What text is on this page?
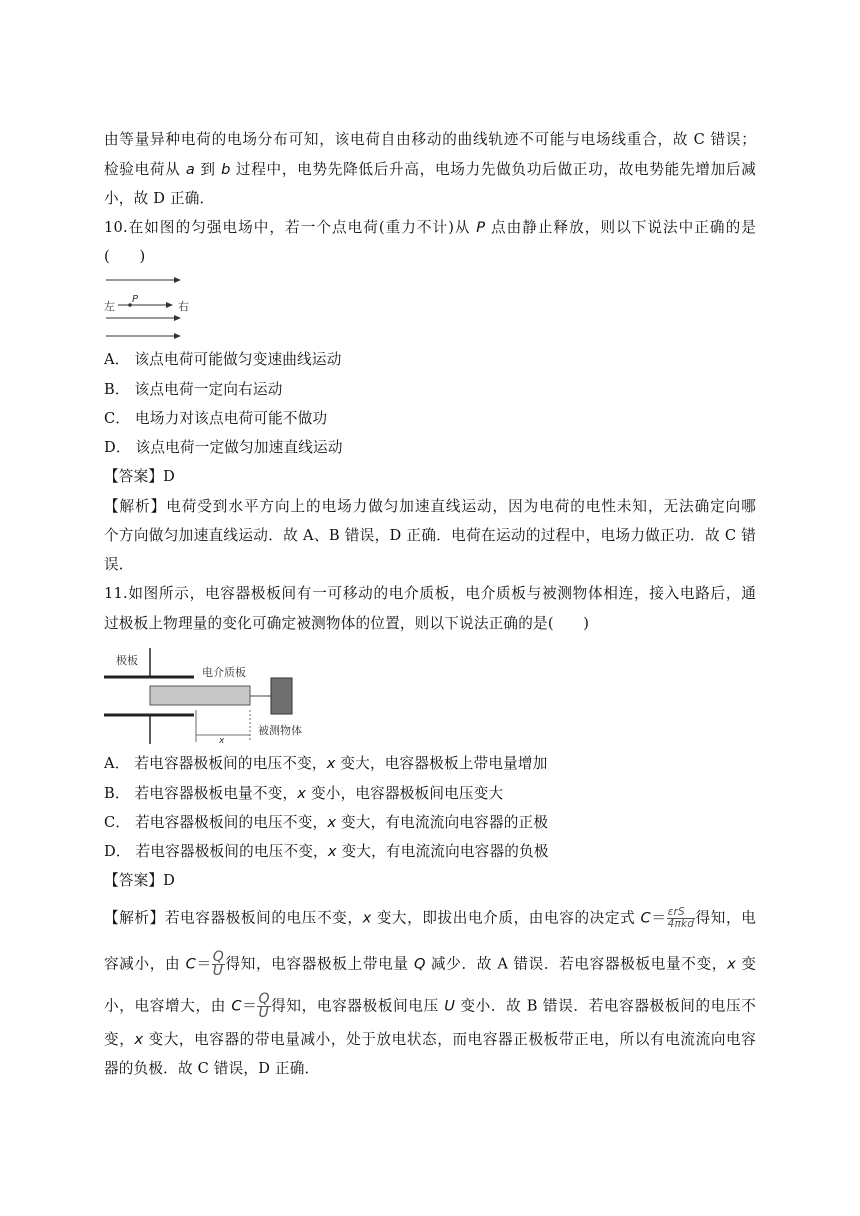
由等量异种电荷的电场分布可知，该电荷自由移动的曲线轨迹不可能与电场线重合，故 C 错误；
检验电荷从 a 到 b 过程中，电势先降低后升高，电场力先做负功后做正功，故电势能先增加后减
小，故 D 正确．
10.在如图的匀强电场中，若一个点电荷(重力不计)从 P 点由静止释放，则以下说法中正确的是
(　　)
左
P
右
A． 该点电荷可能做匀变速曲线运动
B． 该点电荷一定向右运动
C． 电场力对该点电荷可能不做功
D． 该点电荷一定做匀加速直线运动
【答案】D
【解析】电荷受到水平方向上的电场力做匀加速直线运动，因为电荷的电性未知，无法确定向哪
个方向做匀加速直线运动．故 A、B 错误，D 正确．电荷在运动的过程中，电场力做正功．故 C 错
误．
11.如图所示，电容器极板间有一可移动的电介质板，电介质板与被测物体相连，接入电路后，通
过极板上物理量的变化可确定被测物体的位置，则以下说法正确的是(　　)
极板
电介质板
被测物体
x
A． 若电容器极板间的电压不变，x 变大，电容器极板上带电量增加
B． 若电容器极板电量不变，x 变小，电容器极板间电压变大
C． 若电容器极板间的电压不变，x 变大，有电流流向电容器的正极
D． 若电容器极板间的电压不变，x 变大，有电流流向电容器的负极
【答案】D
【解析】若电容器极板间的电压不变，x 变大，即拔出电介质，由电容的决定式 $C= \frac{\text{εrS}}{\text{4πkd}}$ 得知，电
容减小，由 $C= \frac{Q}{U}$ 得知，电容器极板上带电量 Q 减少．故 A 错误．若电容器极板电量不变，x 变
小，电容增大，由 $C= \frac{Q}{U}$ 得知，电容器极板间电压 U 变小．故 B 错误．若电容器极板间的电压不
变，x 变大，电容器的带电量减小，处于放电状态，而电容器正极板带正电，所以有电流流向电容
器的负极．故 C 错误，D 正确．
